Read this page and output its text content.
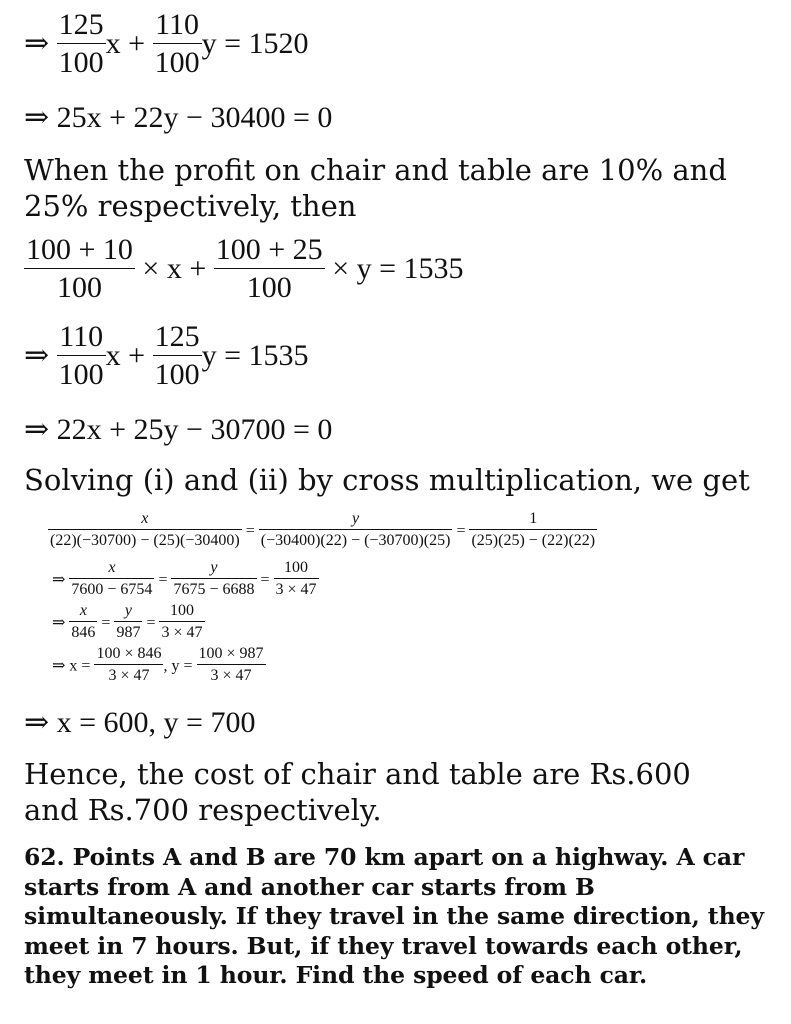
⇒ $\frac{125}{100}$ $x + \frac{110}{100}$ y = 1520
⇒ 25x + 22y − 30400 = 0
When the profit on chair and table are 10% and 25% respectively, then
$\frac{100 + 10}{100} \times x + \frac{100 + 25}{100} \times y = 1535$
⇒ $\frac{110}{100}$ $x + \frac{125}{100}$ y = 1535
⇒ 22x + 25y − 30700 = 0
Solving (i) and (ii) by cross multiplication, we get
$\frac{x}{(22)(-30700) - (25)(-30400)} = \frac{y}{(-30400)(22) - (-30700)(25)} = \frac{1}{(25)(25) - (22)(22)}$
⇒ $\frac{x}{7600 - 6754} = \frac{y}{7675 - 6688} = \frac{100}{3 \times 47}$
⇒ $\frac{x}{846} = \frac{y}{987} = \frac{100}{3 \times 47}$
⇒ $x = \frac{100 \times 846}{3 \times 47}$ , $y = \frac{100 \times 987}{3 \times 47}$
⇒ x = 600, y = 700
Hence, the cost of chair and table are Rs.600 and Rs.700 respectively.
62. Points A and B are 70 km apart on a highway. A car starts from A and another car starts from B simultaneously. If they travel in the same direction, they meet in 7 hours. But, if they travel towards each other, they meet in 1 hour. Find the speed of each car.
